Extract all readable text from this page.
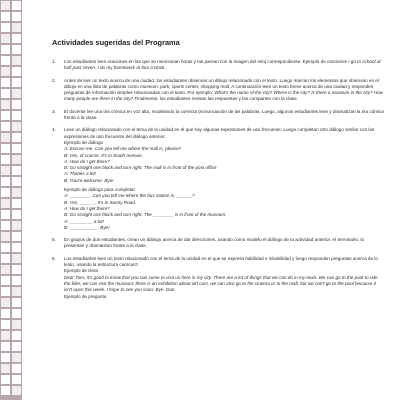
Actividades sugeridas del Programa
1.	Los estudiantes leen oraciones en las que se mencionan horas y las parean con la imagen del reloj correspondiente. Ejemplo de oraciones I go to school at half past seven. I do my homework at four o'clock.

2.	Antes de leer un texto acerca de una ciudad, los estudiantes observan un dibujo relacionado con el texto. Luego marcan los elementos que observan en el dibujo en una lista de palabras como museum, park, sports center, shopping mall. A continuación leen un texto breve acerca de una ciudad y responden preguntas de información simples relacionadas con el texto. Por ejemplo: What's the name of the city? Where is the city? Is there a museum in the city? How many people are there in the city? Finalmente, los estudiantes revisan las respuestas y las comparten con la clase.

3.	El docente lee una tira cómica en voz alta, modelando la correcta pronunciación de las palabras. Luego, algunos estudiantes leen y dramatizan la tira cómica frente a la clase.

4.	Leen un diálogo relacionado con el tema de la unidad en el que hay algunas expresiones de uso frecuente. Luego completan otro diálogo similar con las expresiones de uso frecuente del diálogo anterior.

Ejemplo de diálogo
A: Excuse me. Can you tell me where the mall is, please?
B: Yes, of course. It's in South Avenue.
A: How do I get there?
B: Go straight one block and turn right. The mall is in front of the post office
A: Thanks a lot!
B: You're welcome. Bye!
Ejemplo de diálogo para completar
A: ________. Can you tell me where the bus station is, ______?
B: Yes, ______. It's in Sunny Road.
A: How do I get there?
B: Go straight one block and turn right. The ________ is in front of the museum.
A: _________ a lot!
B: ___________. Bye!
5.	En grupos de dos estudiantes, crean un diálogo acerca de dar direcciones, usando como modelo el diálogo de la actividad anterior. Al terminarlo, lo presentan y dramatizan frente a la clase.

6.	Los estudiantes leen un texto relacionado con el tema de la unidad en el que se expresa habilidad e inhabilidad y luego responden preguntas acerca de lo leído, usando la estructura can/can't.

Ejemplo de texto

Dear Tom, It's good to know that you can come to visit us here in my city. There are a lot of things that we can do in my town. We can go to the park to ride the bike, we can visit the museum; there is an exhibition about old cars, we can also go to the cinema or to the mall, but we can't go to the pool because it isn't open this week. I hope to see you soon. Bye. Dan.

Ejemplo de pregunta
